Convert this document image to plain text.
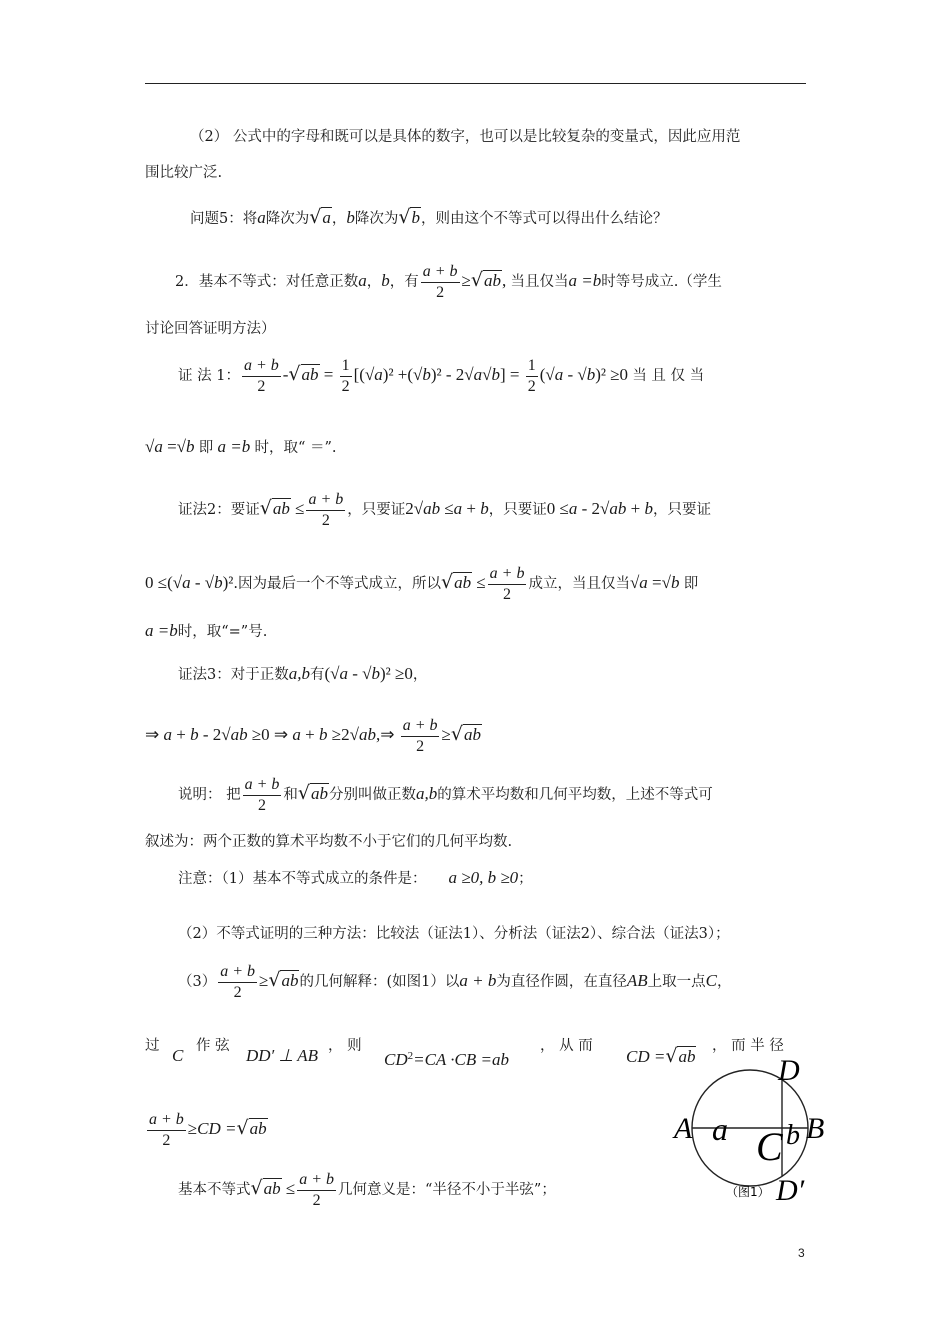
（2） 公式中的字母和既可以是具体的数字，也可以是比较复杂的变量式，因此应用范
围比较广泛.
问题5：将a降次为√a，b降次为√b，则由这个不等式可以得出什么结论？
2．基本不等式：对任意正数a，b，有 $\frac{a + b}{2} \ge√ab$, 当且仅当a =b时等号成立.（学生
讨论回答证明方法）
证 法 1： $\frac{a + b}{2} -√ab = \frac{1}{2} [(√a)^2 +(√b)^2 - 2√a√b] = \frac{1}{2} (√a - √b)^2 \ge 0$ 当 且 仅 当
√a =√b 即 a =b 时，取“ ＝”.
证法2：要证$√ab \le \frac{a + b}{2}$ ，只要证2√ab ≤a + b，只要证0 ≤a - 2√ab + b，只要证
0 ≤(√a - √b)².因为最后一个不等式成立，所以$√ab \le \frac{a + b}{2}$ 成立，当且仅当√a =√b 即
a =b时，取“=”号.
证法3：对于正数a,b有(√a - √b)² ≥0，
⇒ a + b - 2√ab ≥0 ⇒ a + b ≥2√ab,⇒ $\frac{a + b}{2} \ge√ab$
说明： 把 $\frac{a + b}{2}$ 和√ab分别叫做正数a,b的算术平均数和几何平均数，上述不等式可
叙述为：两个正数的算术平均数不小于它们的几何平均数.
注意：（1）基本不等式成立的条件是： a ≥0, b ≥0；
（2）不等式证明的三种方法：比较法（证法1）、分析法（证法2）、综合法（证法3）；
$(3) \frac{a + b}{2} \ge√ab$的几何解释：(如图1）以a + b为直径作圆，在直径AB上取一点C，
过 C 作 弦 DD′ ⊥ AB ， 则
$CD^2=CA \cdot CB =ab$
， 从 而
CD =√ab
， 而 半 径
$\frac{a + b}{2} \ge CD =√ab$
基本不等式$√ab \le \frac{a + b}{2}$ 几何意义是：“半径不小于半弦”；
A a C b B
D
D′
（图1）
3
